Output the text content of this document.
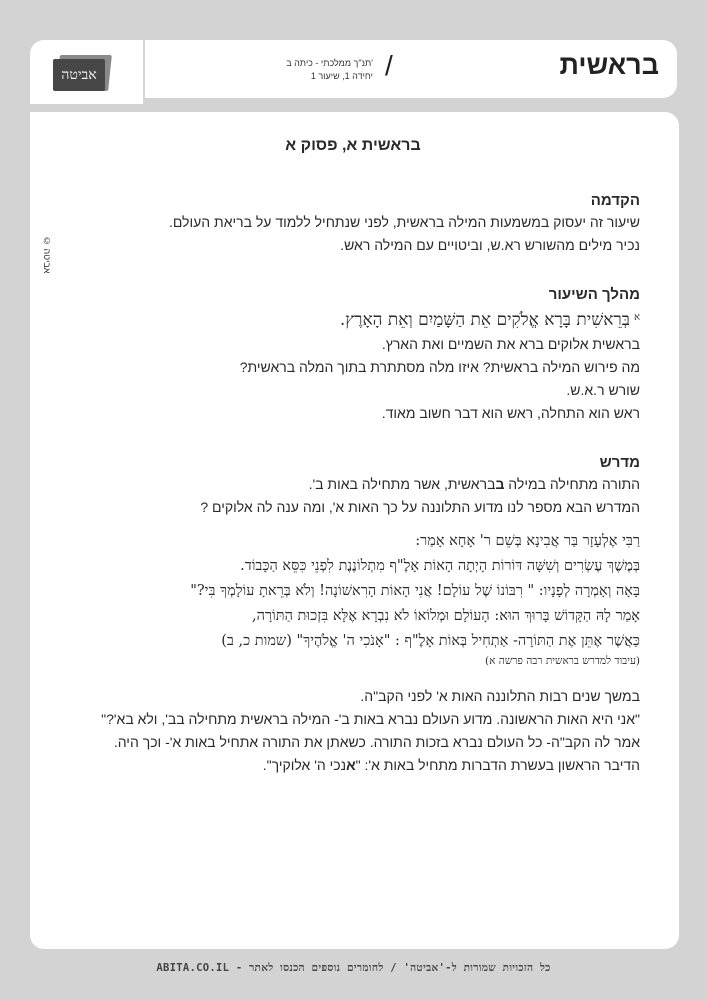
אביטה	בראשית
/
תנ"ך ממלכתי - כיתה ב'
יחידה 1, שיעור 1
© אביטה
בראשית א, פסוק א
הקדמה

שיעור זה יעסוק במשמעות המילה בראשית, לפני שנתחיל ללמוד על בריאת העולם.

נכיר מילים מהשורש רא.ש, וביטויים עם המילה ראש.

מהלך השיעור

$^א$בְּרֵאשִׁית בָּרָא אֱלֹקִים אֵת הַשָּׁמַיִם וְאֵת הָאָרֶץ.

בראשית אלוקים ברא את השמיים ואת הארץ.

מה פירוש המילה בראשית? איזו מלה מסתתרת בתוך המלה בראשית?

שורש ר.א.ש.

ראש הוא התחלה, ראש הוא דבר חשוב מאוד.

מדרש

התורה מתחילה במילה בבראשית, אשר מתחילה באות ב'.

המדרש הבא מספר לנו מדוע התלוננה על כך האות א', ומה ענה לה אלוקים ?

רַבִּי אֶלְעָזָר בַּר אֲבִינָא בְּשֵׁם ר' אָחָא אָמַר:

בְּמֶשֶׁךְ עֶשְׂרִים וְשִׁשָּׁה דּוֹרוֹת הָיְתָה הָאוֹת אָלֶ"ף מִתְלוֹנֶנֶת לִפְנֵי כִּסֵּא הַכָּבוֹד.

בָּאָה וְאָמְרָה לְפָנָיו: " רִבּוֹנוֹ שֶׁל עוֹלָם! אֲנִי הָאוֹת הָרִאשׁוֹנָה! וְלֹא בְּרֵאתָ עוֹלָמְךָ בִּי?"

אָמַר לָהּ הַקָּדוֹשׁ בָּרוּךְ הוּא: הָעוֹלָם וּמְלוֹאוֹ לֹא נִבְרָא אֶלָּא בִּזְכוּת הַתּוֹרָה,

כַּאֲשֶׁר אֶתֵּן אֶת הַתּוֹרָה- אַתְחִיל בְּאוֹת אָלֶ"ף : "אָנֹכִי ה' אֱלֹהֶיךָ" (שמות כ, ב)

(עיבוד למדרש בראשית רבה פרשה א)

במשך שנים רבות התלוננה האות א' לפני הקב"ה.

"אני היא האות הראשונה. מדוע העולם נברא באות ב'- המילה בראשית מתחילה בב', ולא בא'?"

אמר לה הקב"ה- כל העולם נברא בזכות התורה. כשאתן את התורה אתחיל באות א'- וכך היה.

הדיבר הראשון בעשרת הדברות מתחיל באות א': "אנכי ה' אלוקיך".

כל הזכויות שמורות ל-'אביטה' / לחומרים נוספים הכנסו לאתר - ABITA.CO.IL
